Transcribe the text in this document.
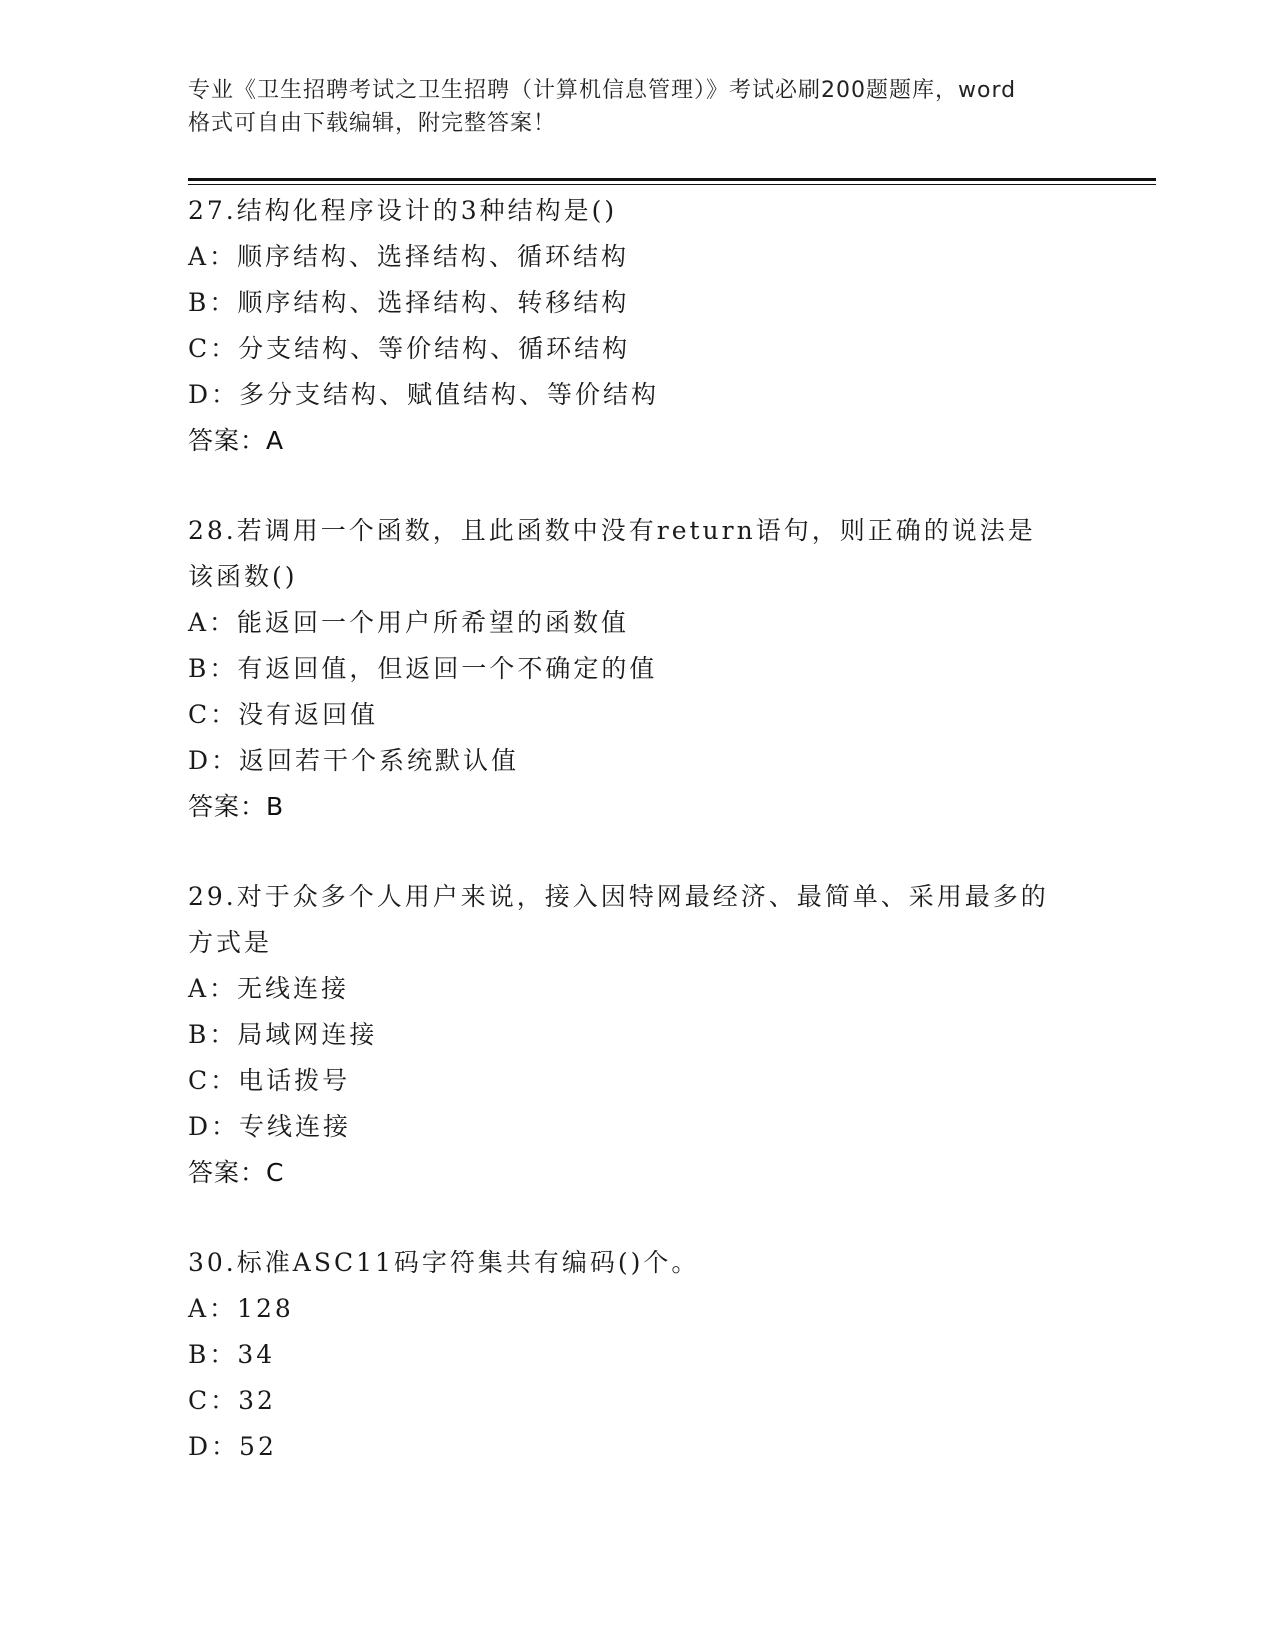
专业《卫生招聘考试之卫生招聘（计算机信息管理）》考试必刷200题题库，word
格式可自由下载编辑，附完整答案！
27.结构化程序设计的3种结构是()
A：顺序结构、选择结构、循环结构
B：顺序结构、选择结构、转移结构
C：分支结构、等价结构、循环结构
D：多分支结构、赋值结构、等价结构
答案：A
28.若调用一个函数，且此函数中没有return语句，则正确的说法是
该函数()
A：能返回一个用户所希望的函数值
B：有返回值，但返回一个不确定的值
C：没有返回值
D：返回若干个系统默认值
答案：B
29.对于众多个人用户来说，接入因特网最经济、最简单、采用最多的
方式是
A：无线连接
B：局域网连接
C：电话拨号
D：专线连接
答案：C
30.标准ASC11码字符集共有编码()个。
A：128
B：34
C：32
D：52
